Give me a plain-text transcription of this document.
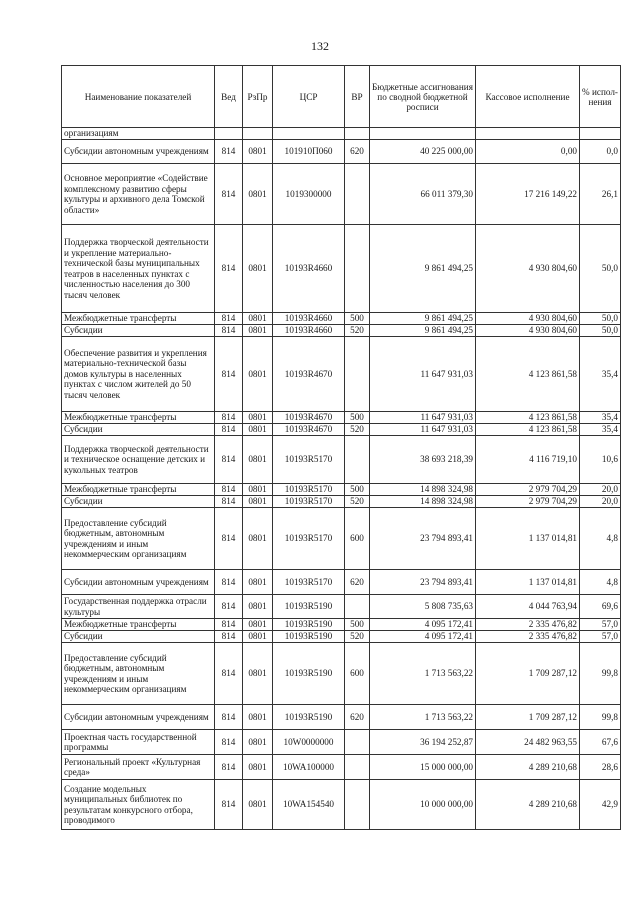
132
Наименование показателей	Вед	РзПр	ЦСР	ВР	Бюджетные ассигнования по сводной бюджетной росписи	Кассовое исполнение	% испол-нения
организациям							
Субсидии автономным учреждениям	814	0801	101910П060	620	40 225 000,00	0,00	0,0
Основное мероприятие «Содействие комплексному развитию сферы культуры и архивного дела Томской области»	814	0801	1019300000		66 011 379,30	17 216 149,22	26,1
Поддержка творческой деятельности и укрепление материально-технической базы муниципальных театров в населенных пунктах с численностью населения до 300 тысяч человек	814	0801	10193R4660		9 861 494,25	4 930 804,60	50,0
Межбюджетные трансферты	814	0801	10193R4660	500	9 861 494,25	4 930 804,60	50,0
Субсидии	814	0801	10193R4660	520	9 861 494,25	4 930 804,60	50,0
Обеспечение развития и укрепления материально-технической базы домов культуры в населенных пунктах с числом жителей до 50 тысяч человек	814	0801	10193R4670		11 647 931,03	4 123 861,58	35,4
Межбюджетные трансферты	814	0801	10193R4670	500	11 647 931,03	4 123 861,58	35,4
Субсидии	814	0801	10193R4670	520	11 647 931,03	4 123 861,58	35,4
Поддержка творческой деятельности и техническое оснащение детских и кукольных театров	814	0801	10193R5170		38 693 218,39	4 116 719,10	10,6
Межбюджетные трансферты	814	0801	10193R5170	500	14 898 324,98	2 979 704,29	20,0
Субсидии	814	0801	10193R5170	520	14 898 324,98	2 979 704,29	20,0
Предоставление субсидий бюджетным, автономным учреждениям и иным некоммерческим организациям	814	0801	10193R5170	600	23 794 893,41	1 137 014,81	4,8
Субсидии автономным учреждениям	814	0801	10193R5170	620	23 794 893,41	1 137 014,81	4,8
Государственная поддержка отрасли культуры	814	0801	10193R5190		5 808 735,63	4 044 763,94	69,6
Межбюджетные трансферты	814	0801	10193R5190	500	4 095 172,41	2 335 476,82	57,0
Субсидии	814	0801	10193R5190	520	4 095 172,41	2 335 476,82	57,0
Предоставление субсидий бюджетным, автономным учреждениям и иным некоммерческим организациям	814	0801	10193R5190	600	1 713 563,22	1 709 287,12	99,8
Субсидии автономным учреждениям	814	0801	10193R5190	620	1 713 563,22	1 709 287,12	99,8
Проектная часть государственной программы	814	0801	10W0000000		36 194 252,87	24 482 963,55	67,6
Региональный проект «Культурная среда»	814	0801	10WA100000		15 000 000,00	4 289 210,68	28,6
Создание модельных муниципальных библиотек по результатам конкурсного отбора, проводимого	814	0801	10WA154540		10 000 000,00	4 289 210,68	42,9
